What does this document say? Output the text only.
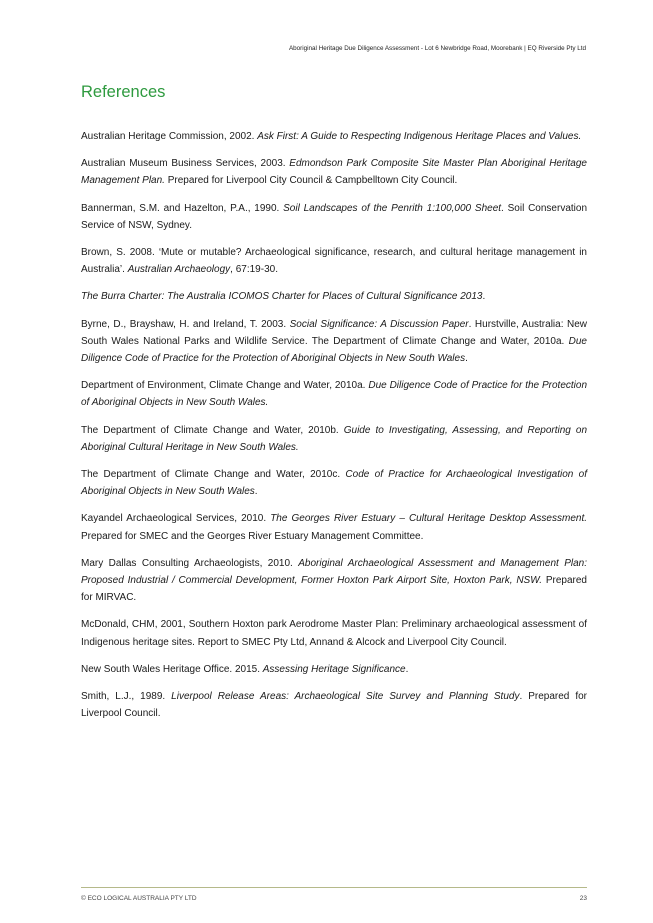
Aboriginal Heritage Due Diligence Assessment - Lot 6 Newbridge Road, Moorebank | EQ Riverside Pty Ltd
References

Australian Heritage Commission, 2002. Ask First: A Guide to Respecting Indigenous Heritage Places and Values.

Australian Museum Business Services, 2003. Edmondson Park Composite Site Master Plan Aboriginal Heritage Management Plan. Prepared for Liverpool City Council & Campbelltown City Council.

Bannerman, S.M. and Hazelton, P.A., 1990. Soil Landscapes of the Penrith 1:100,000 Sheet. Soil Conservation Service of NSW, Sydney.

Brown, S. 2008. ‘Mute or mutable? Archaeological significance, research, and cultural heritage management in Australia’. Australian Archaeology, 67:19-30.

The Burra Charter: The Australia ICOMOS Charter for Places of Cultural Significance 2013.

Byrne, D., Brayshaw, H. and Ireland, T. 2003. Social Significance: A Discussion Paper. Hurstville, Australia: New South Wales National Parks and Wildlife Service. The Department of Climate Change and Water, 2010a. Due Diligence Code of Practice for the Protection of Aboriginal Objects in New South Wales.

Department of Environment, Climate Change and Water, 2010a. Due Diligence Code of Practice for the Protection of Aboriginal Objects in New South Wales.

The Department of Climate Change and Water, 2010b. Guide to Investigating, Assessing, and Reporting on Aboriginal Cultural Heritage in New South Wales.

The Department of Climate Change and Water, 2010c. Code of Practice for Archaeological Investigation of Aboriginal Objects in New South Wales.

Kayandel Archaeological Services, 2010. The Georges River Estuary – Cultural Heritage Desktop Assessment. Prepared for SMEC and the Georges River Estuary Management Committee.

Mary Dallas Consulting Archaeologists, 2010. Aboriginal Archaeological Assessment and Management Plan: Proposed Industrial / Commercial Development, Former Hoxton Park Airport Site, Hoxton Park, NSW. Prepared for MIRVAC.

McDonald, CHM, 2001, Southern Hoxton park Aerodrome Master Plan: Preliminary archaeological assessment of Indigenous heritage sites. Report to SMEC Pty Ltd, Annand & Alcock and Liverpool City Council.

New South Wales Heritage Office. 2015. Assessing Heritage Significance.

Smith, L.J., 1989. Liverpool Release Areas: Archaeological Site Survey and Planning Study. Prepared for Liverpool Council.

© ECO LOGICAL AUSTRALIA PTY LTD	23
